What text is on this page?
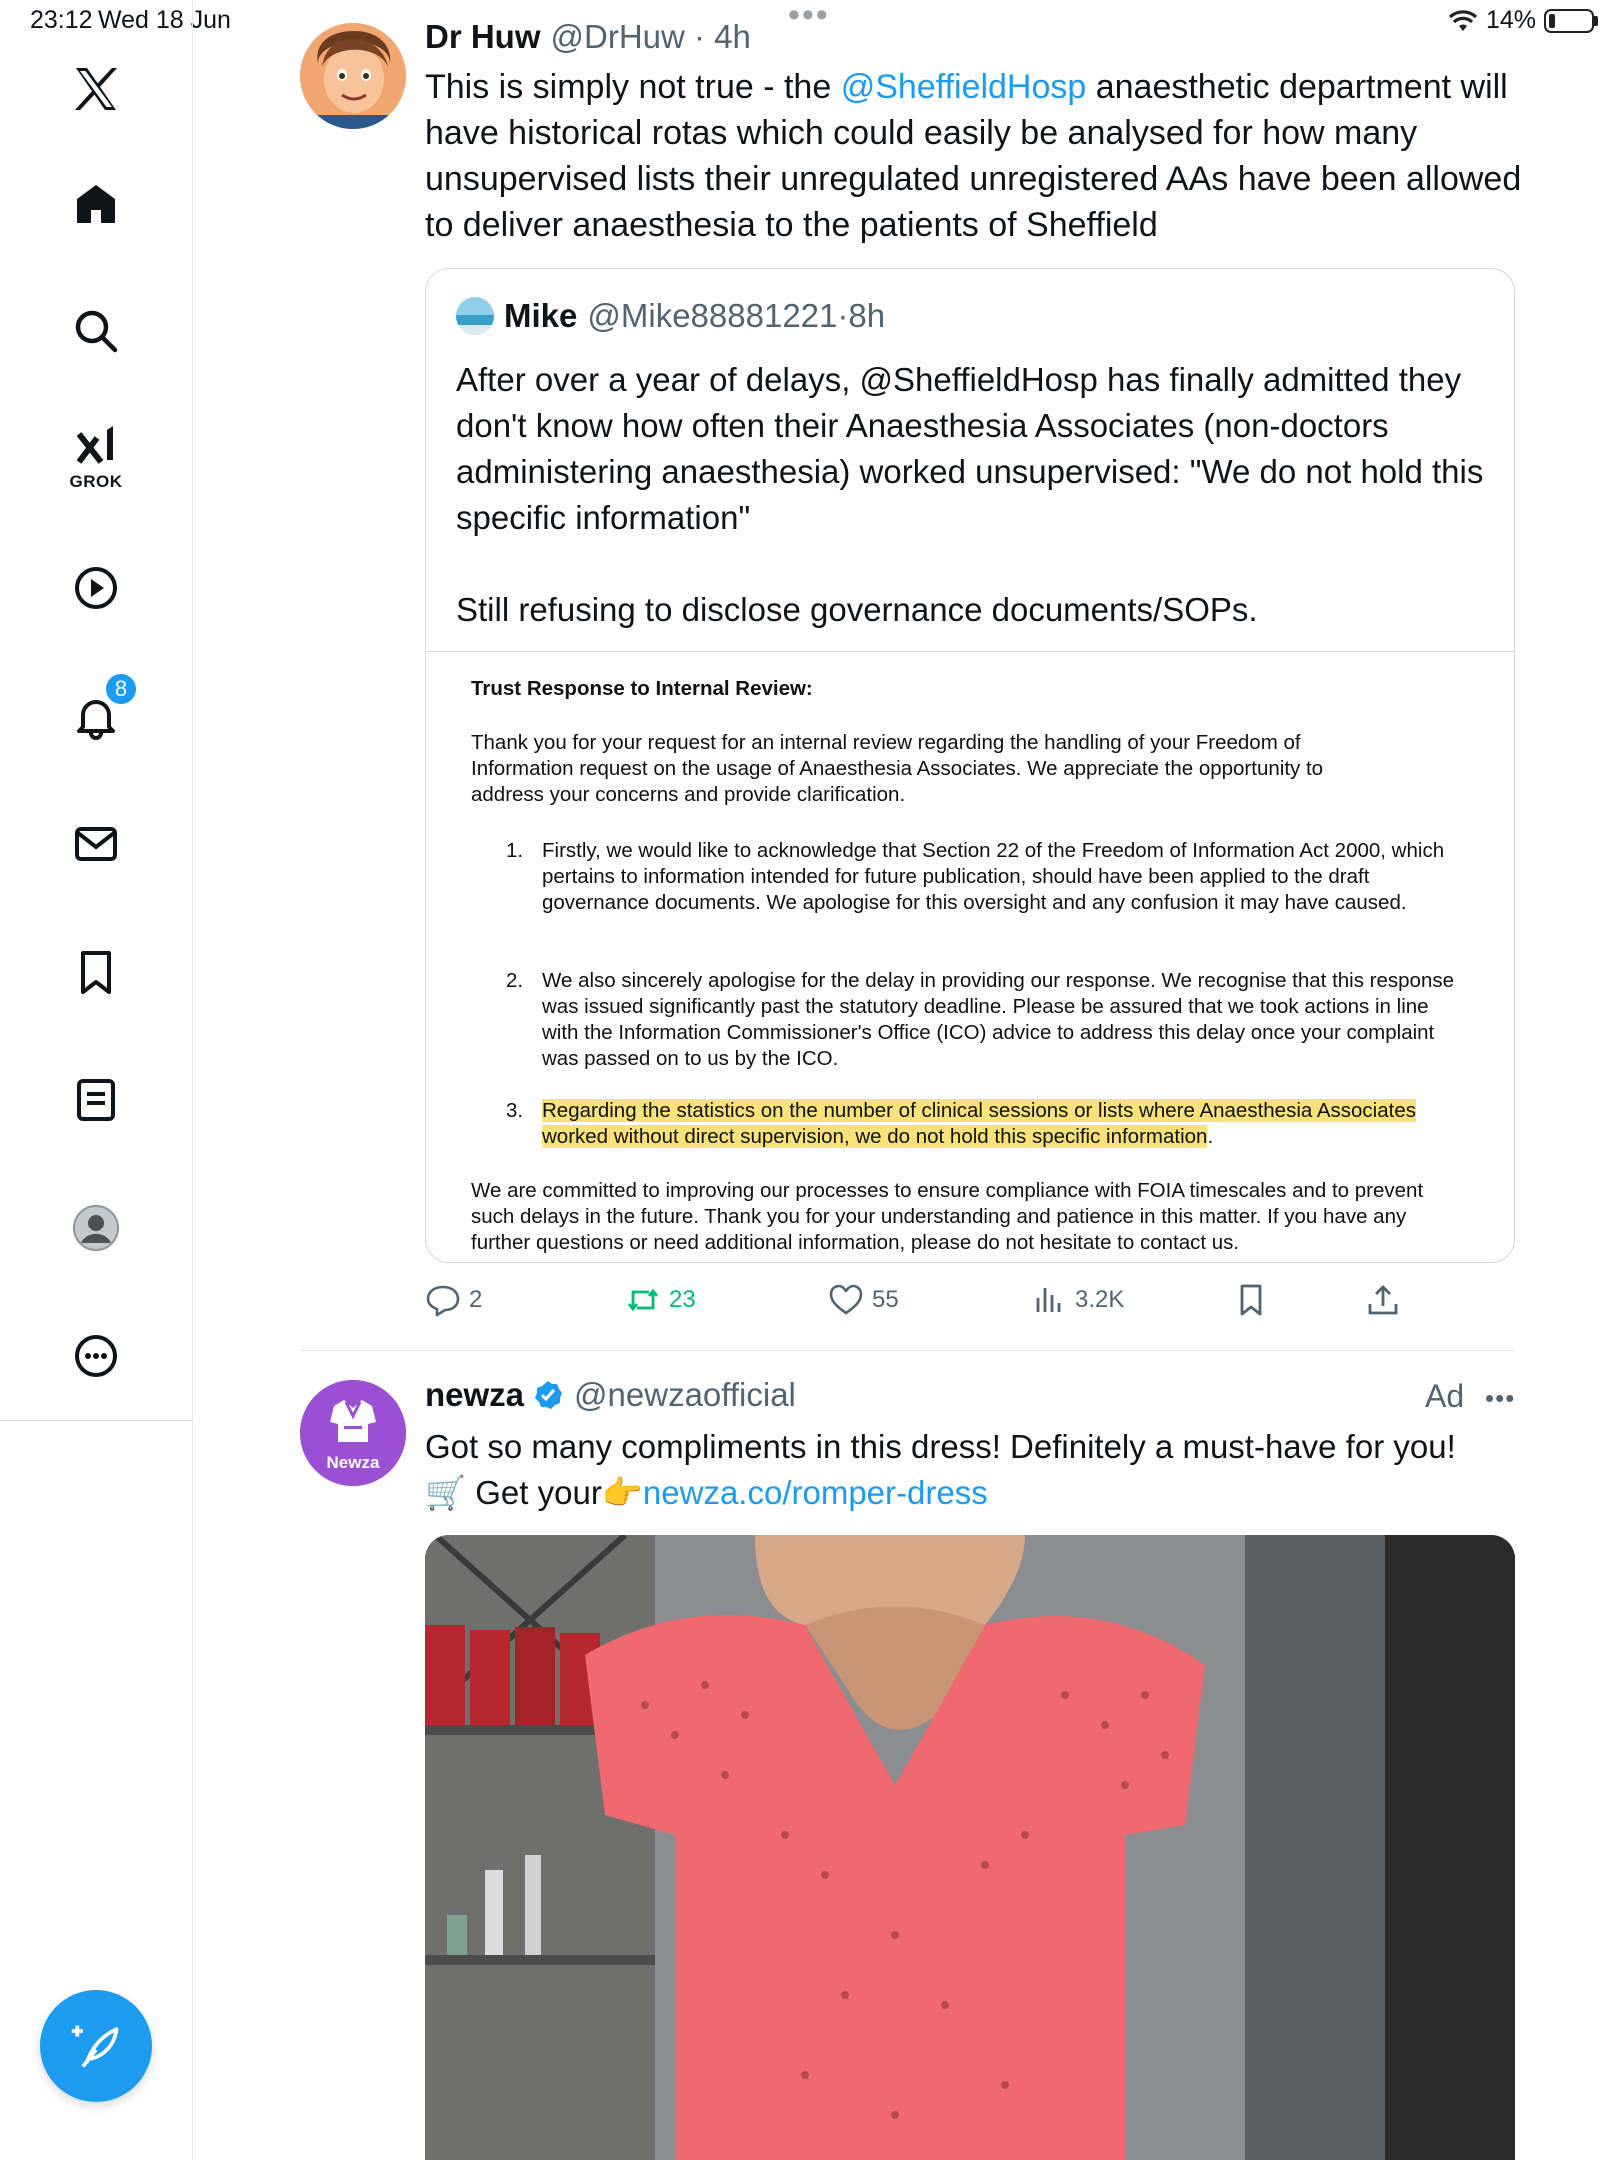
23:12 Wed 18 Jun	14%
•••
GROK
8
Dr Huw @DrHuw · 4h
This is simply not true - the @SheffieldHosp anaesthetic department will have historical rotas which could easily be analysed for how many unsupervised lists their unregulated unregistered AAs have been allowed to deliver anaesthesia to the patients of Sheffield
Mike @Mike88881221 · 8h
After over a year of delays, @SheffieldHosp has finally admitted they don't know how often their Anaesthesia Associates (non-doctors administering anaesthesia) worked unsupervised: "We do not hold this specific information"
Still refusing to disclose governance documents/SOPs.
Trust Response to Internal Review:
Thank you for your request for an internal review regarding the handling of your Freedom of Information request on the usage of Anaesthesia Associates. We appreciate the opportunity to address your concerns and provide clarification.
1. Firstly, we would like to acknowledge that Section 22 of the Freedom of Information Act 2000, which pertains to information intended for future publication, should have been applied to the draft governance documents. We apologise for this oversight and any confusion it may have caused.
2. We also sincerely apologise for the delay in providing our response. We recognise that this response was issued significantly past the statutory deadline. Please be assured that we took actions in line with the Information Commissioner's Office (ICO) advice to address this delay once your complaint was passed on to us by the ICO.
3. Regarding the statistics on the number of clinical sessions or lists where Anaesthesia Associates worked without direct supervision, we do not hold this specific information.
We are committed to improving our processes to ensure compliance with FOIA timescales and to prevent such delays in the future. Thank you for your understanding and patience in this matter. If you have any further questions or need additional information, please do not hesitate to contact us.
2	23	55	3.2K
Newza
newza @newzaofficial	Ad •••
Got so many compliments in this dress! Definitely a must-have for you!
🛒 Get your👉newza.co/romper-dress
